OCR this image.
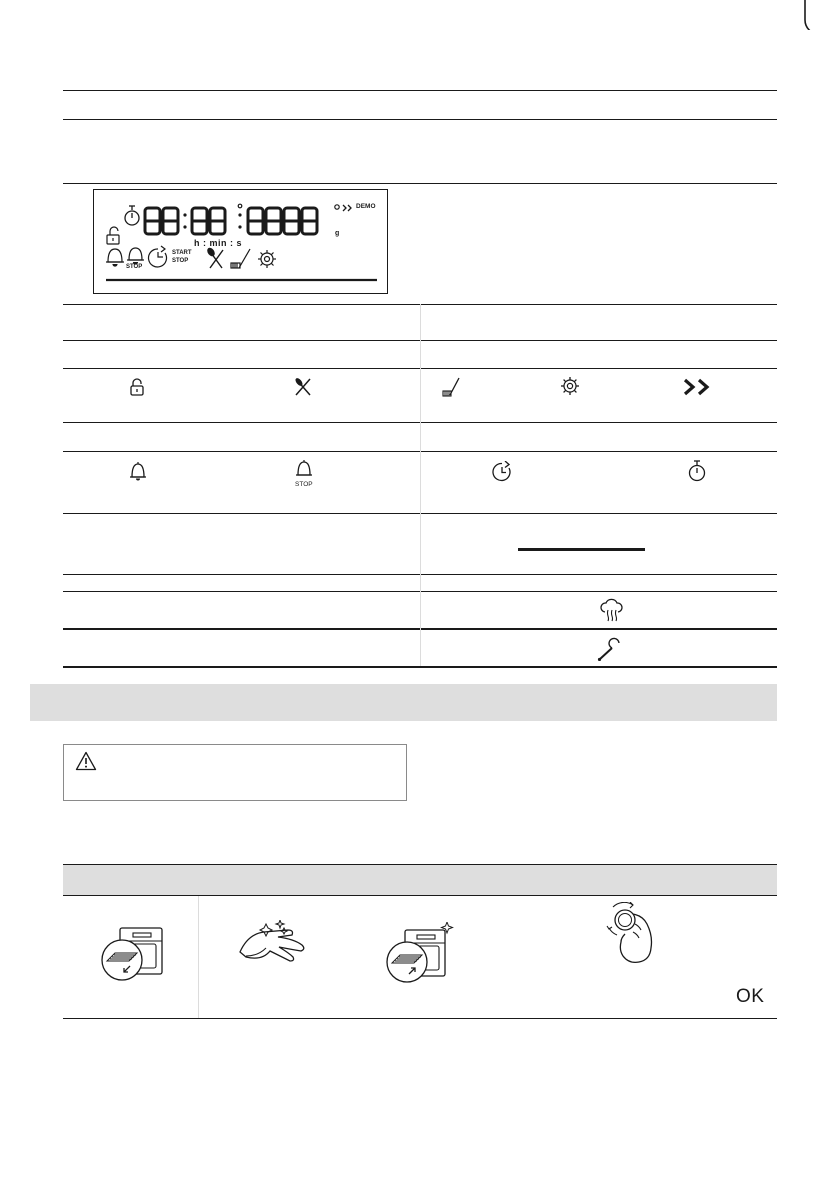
h : min : s
DEMO
g
STOP
START
STOP
STOP
OK
